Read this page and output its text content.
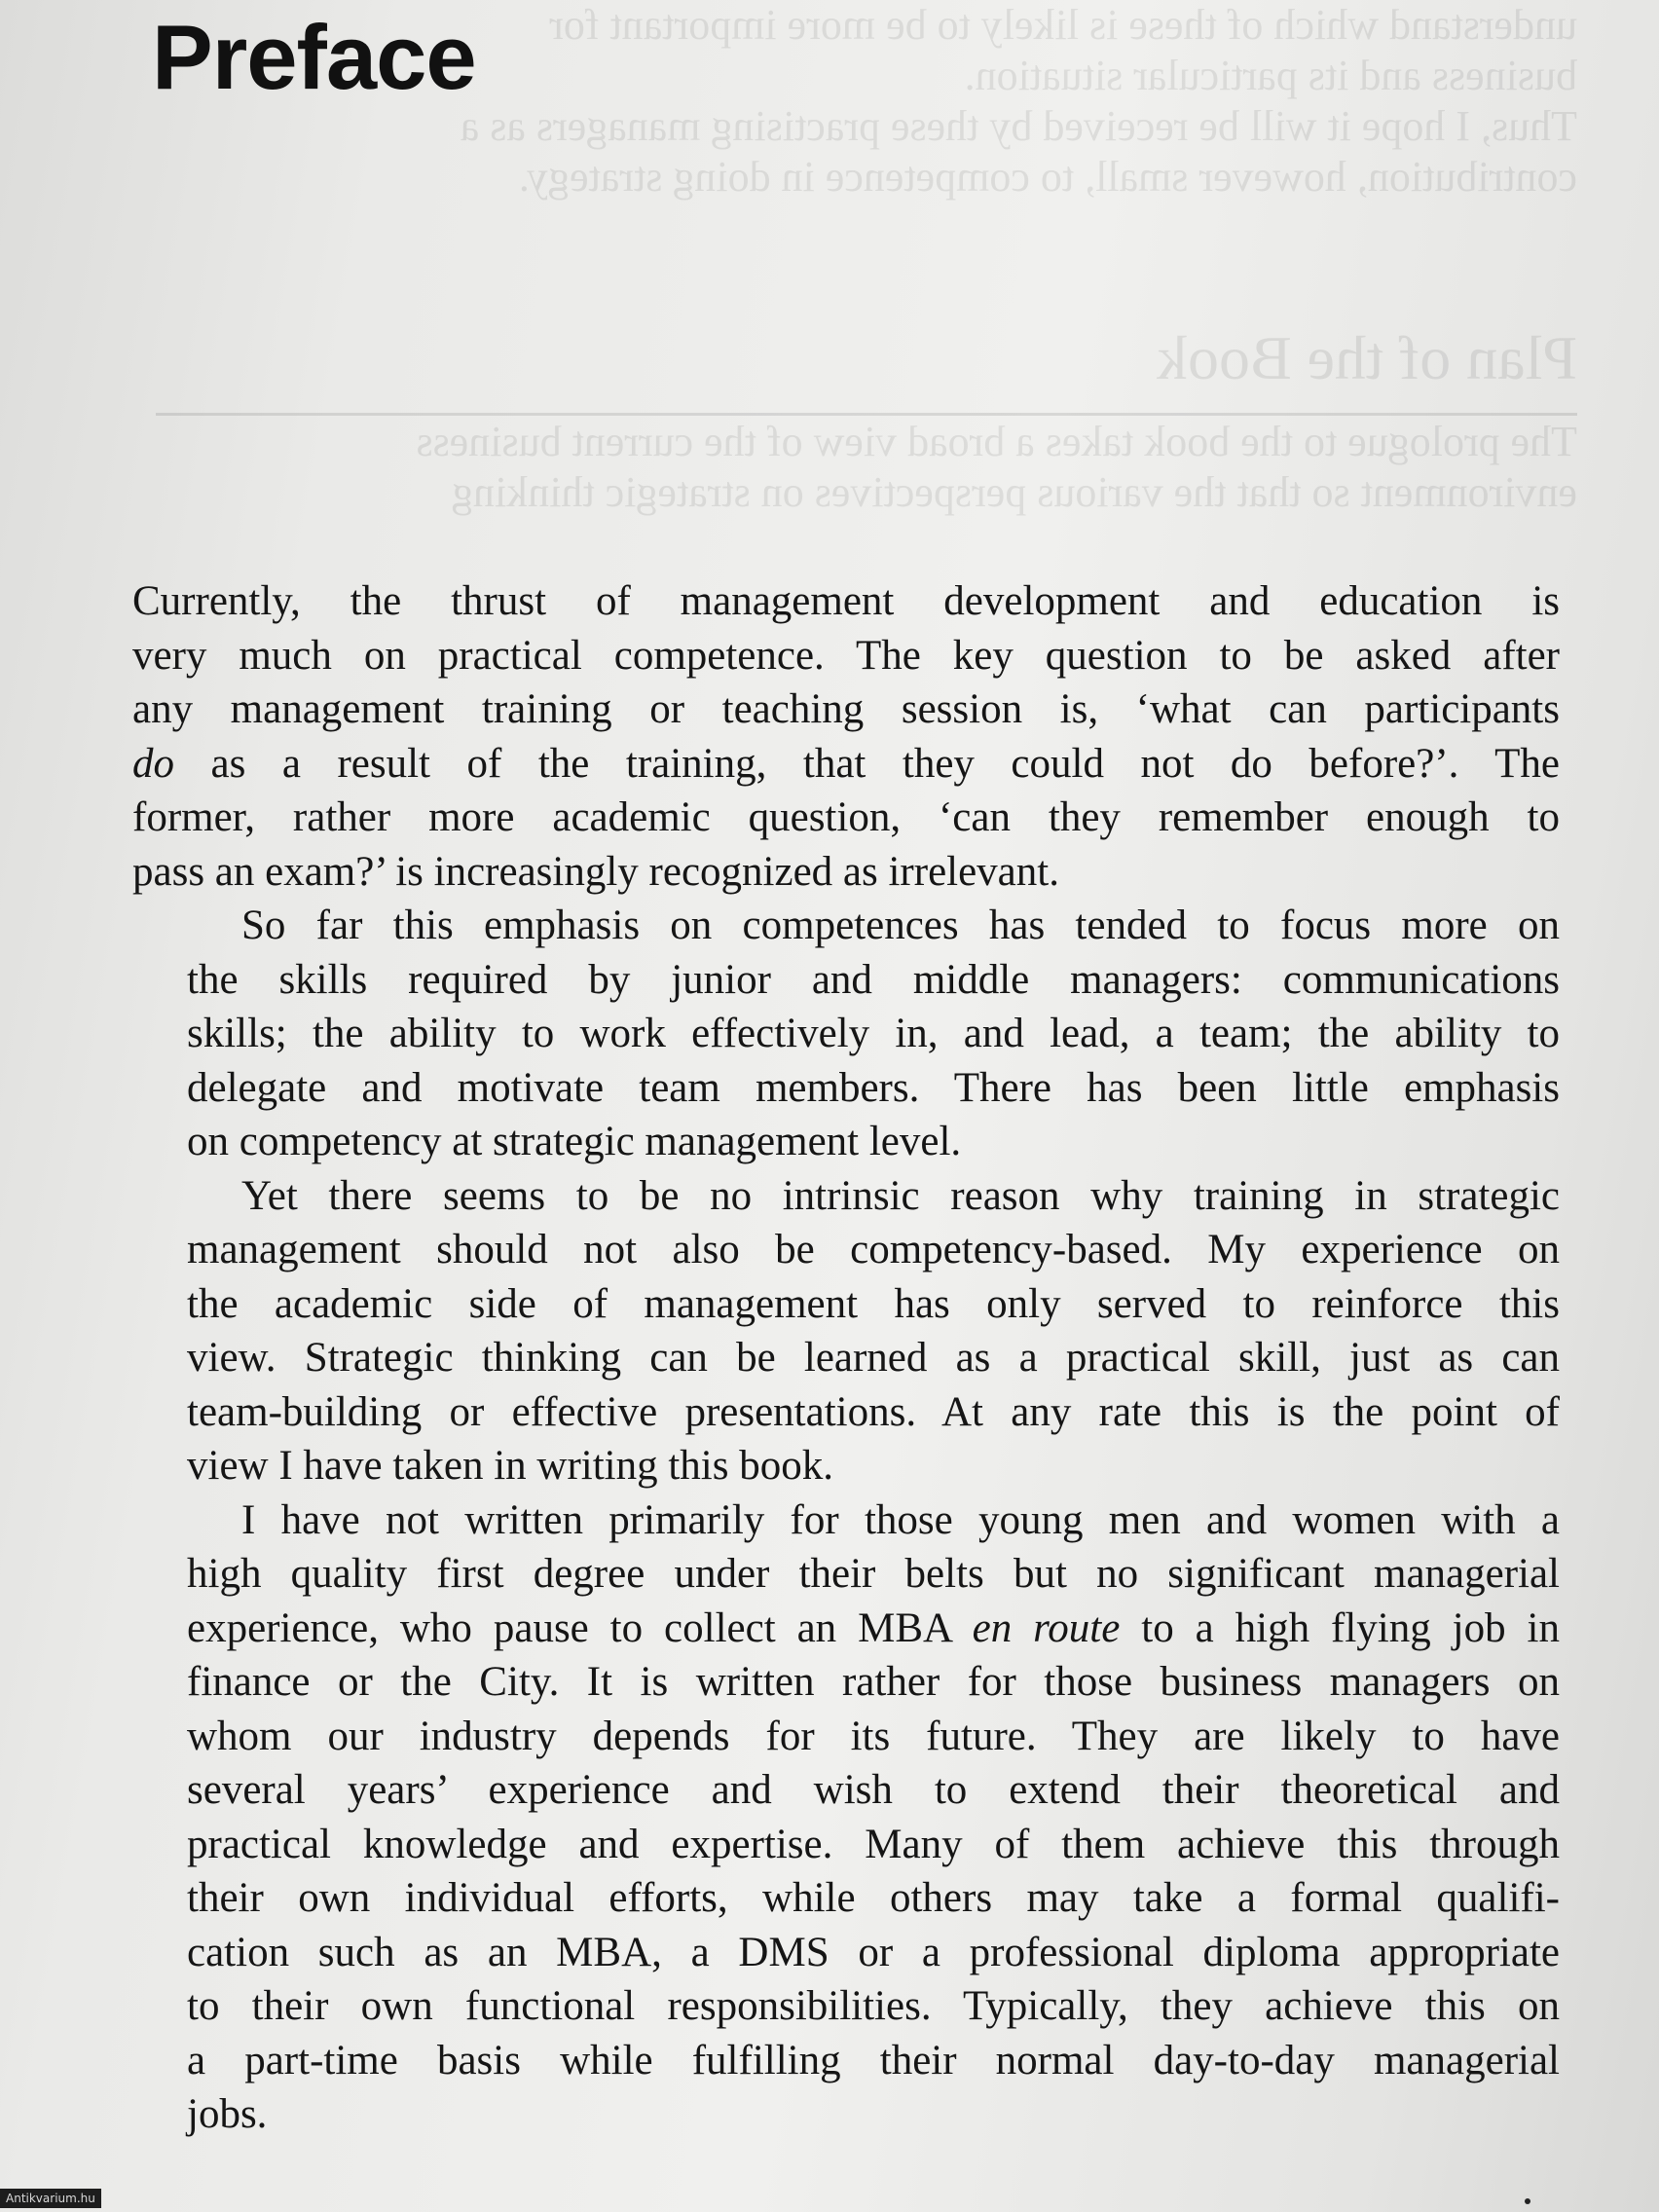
understand which of these is likely to be more important for
business and its particular situation.
Thus, I hope it will be received by these practising managers as a
contribution, however small, to competence in doing strategy.
Plan of the Book
The prologue to the book takes a broad view of the current business
environment so that the various perspectives on strategic thinking
Preface

Currently, the thrust of management development and education is
very much on practical competence. The key question to be asked after
any management training or teaching session is, ‘what can participants
do as a result of the training, that they could not do before?’. The
former, rather more academic question, ‘can they remember enough to
pass an exam?’ is increasingly recognized as irrelevant.

So far this emphasis on competences has tended to focus more on
the skills required by junior and middle managers: communications
skills; the ability to work effectively in, and lead, a team; the ability to
delegate and motivate team members. There has been little emphasis
on competency at strategic management level.

Yet there seems to be no intrinsic reason why training in strategic
management should not also be competency-based. My experience on
the academic side of management has only served to reinforce this
view. Strategic thinking can be learned as a practical skill, just as can
team-building or effective presentations. At any rate this is the point of
view I have taken in writing this book.

I have not written primarily for those young men and women with a
high quality first degree under their belts but no significant managerial
experience, who pause to collect an MBA en route to a high flying job in
finance or the City. It is written rather for those business managers on
whom our industry depends for its future. They are likely to have
several years’ experience and wish to extend their theoretical and
practical knowledge and expertise. Many of them achieve this through
their own individual efforts, while others may take a formal qualifi-
cation such as an MBA, a DMS or a professional diploma appropriate
to their own functional responsibilities. Typically, they achieve this on
a part-time basis while fulfilling their normal day-to-day managerial
jobs.

Antikvarium.hu
